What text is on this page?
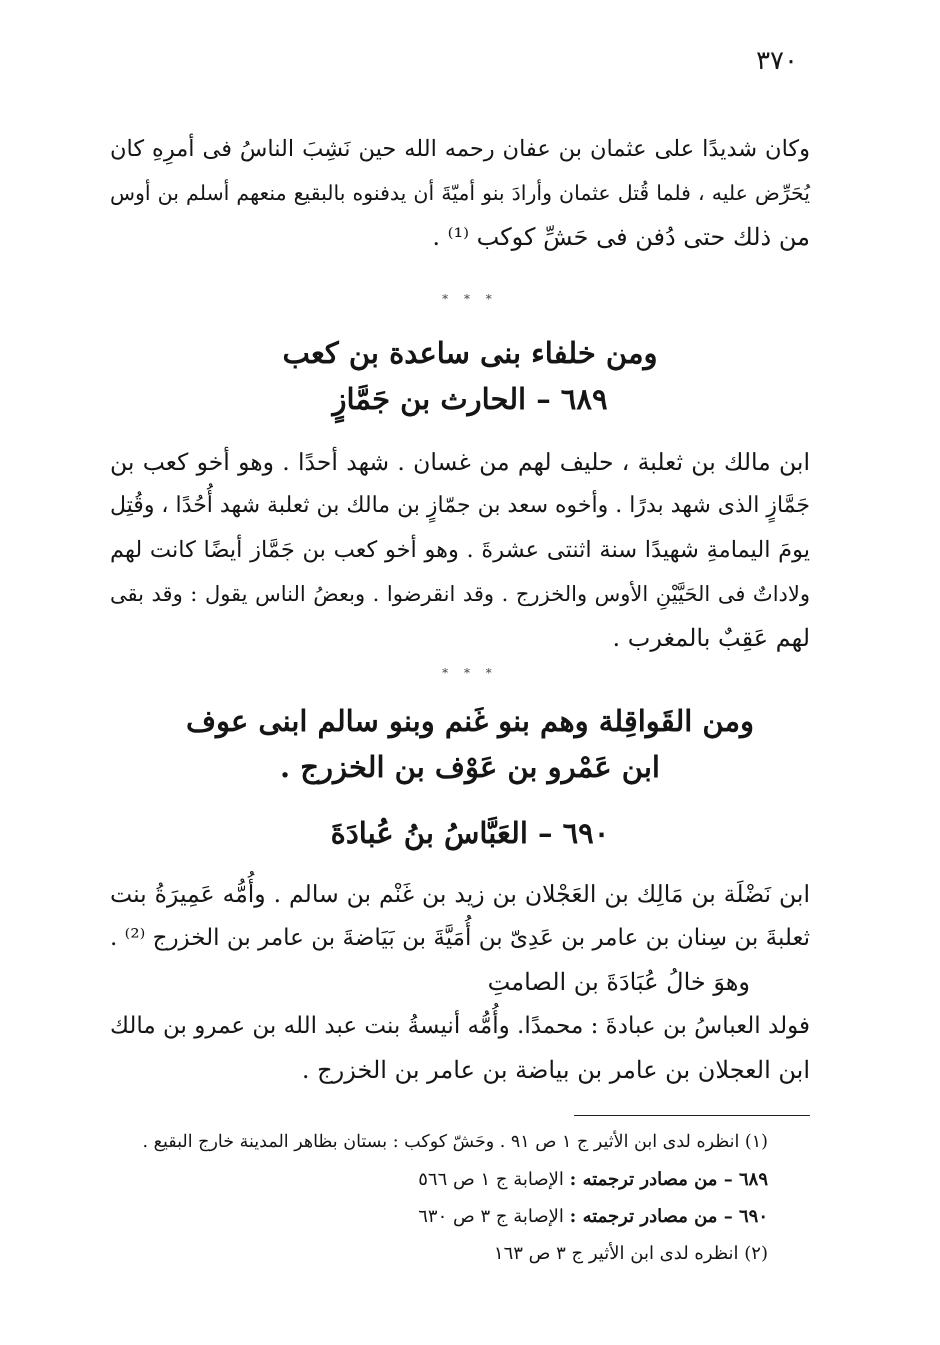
٣٧٠
وكان شديدًا على عثمان بن عفان رحمه الله حين نَشِبَ الناسُ فى أمرِهِ كان
يُحَرِّض عليه ، فلما قُتل عثمان وأرادَ بنو أميّةَ أن يدفنوه بالبقيع منعهم أسلم بن أوس
من ذلك حتى دُفن فى حَشِّ كوكب ⁽¹⁾ .
* * *
ومن خلفاء بنى ساعدة بن كعب
٦٨٩ – الحارث بن جَمَّازٍ
ابن مالك بن ثعلبة ، حليف لهم من غسان . شهد أحدًا . وهو أخو كعب بن
جَمَّازٍ الذى شهد بدرًا . وأخوه سعد بن جمّازٍ بن مالك بن ثعلبة شهد أُحُدًا ، وقُتِل
يومَ اليمامةِ شهيدًا سنة اثنتى عشرةَ . وهو أخو كعب بن جَمَّاز أيضًا كانت لهم
ولاداتٌ فى الحَيَّيْنِ الأوس والخزرج . وقد انقرضوا . وبعضُ الناس يقول : وقد بقى
لهم عَقِبٌ بالمغرب .
* * *
ومن القَواقِلة وهم بنو غَنم وبنو سالم ابنى عوف
ابن عَمْرو بن عَوْف بن الخزرج .
٦٩٠ – العَبَّاسُ بنُ عُبادَةَ
ابن نَضْلَة بن مَالِك بن العَجْلان بن زيد بن غَنْم بن سالم . وأُمُّه عَمِيرَةُ بنت
ثعلبةَ بن سِنان بن عامر بن عَدِىّ بن أُمَيَّةَ بن بَيَاضةَ بن عامر بن الخزرج ⁽²⁾ .
وهوَ خالُ عُبَادَةَ بن الصامتِ
فولد العباسُ بن عبادةَ : محمدًا. وأُمُّه أنيسةُ بنت عبد الله بن عمرو بن مالك
ابن العجلان بن عامر بن بياضة بن عامر بن الخزرج .
(١) انظره لدى ابن الأثير ج ١ ص ٩١ . وحَشّ كوكب : بستان بظاهر المدينة خارج البقيع .
٦٨٩ – من مصادر ترجمته : الإصابة ج ١ ص ٥٦٦
٦٩٠ – من مصادر ترجمته : الإصابة ج ٣ ص ٦٣٠
(٢) انظره لدى ابن الأثير ج ٣ ص ١٦٣
